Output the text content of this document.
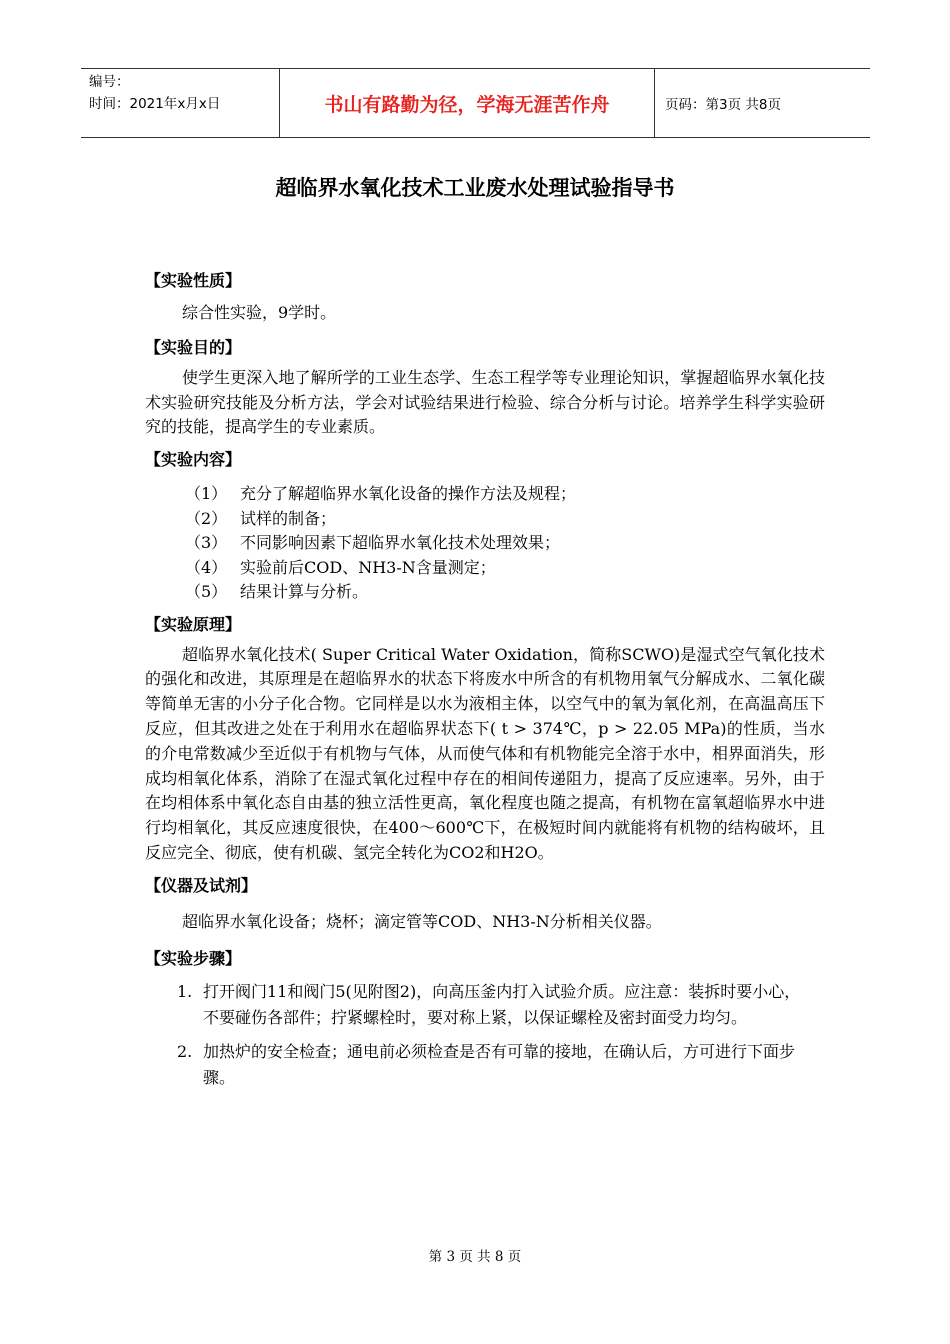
编号：
时间：2021年x月x日	书山有路勤为径，学海无涯苦作舟	页码：第3页 共8页
超临界水氧化技术工业废水处理试验指导书

【实验性质】

综合性实验，9学时。

【实验目的】

使学生更深入地了解所学的工业生态学、生态工程学等专业理论知识，掌握超临界水氧化技术实验研究技能及分析方法，学会对试验结果进行检验、综合分析与讨论。培养学生科学实验研究的技能，提高学生的专业素质。

【实验内容】

（1） 充分了解超临界水氧化设备的操作方法及规程；
（2） 试样的制备；
（3） 不同影响因素下超临界水氧化技术处理效果；
（4） 实验前后COD、NH3-N含量测定；
（5） 结果计算与分析。

【实验原理】

超临界水氧化技术( Super Critical Water Oxidation，简称SCWO)是湿式空气氧化技术的强化和改进，其原理是在超临界水的状态下将废水中所含的有机物用氧气分解成水、二氧化碳等简单无害的小分子化合物。它同样是以水为液相主体，以空气中的氧为氧化剂，在高温高压下反应，但其改进之处在于利用水在超临界状态下( t > 374℃，p > 22.05 MPa)的性质，当水的介电常数减少至近似于有机物与气体，从而使气体和有机物能完全溶于水中，相界面消失，形成均相氧化体系，消除了在湿式氧化过程中存在的相间传递阻力，提高了反应速率。另外，由于在均相体系中氧化态自由基的独立活性更高，氧化程度也随之提高，有机物在富氧超临界水中进行均相氧化，其反应速度很快，在400～600℃下，在极短时间内就能将有机物的结构破坏，且反应完全、彻底，使有机碳、氢完全转化为CO2和H2O。

【仪器及试剂】

超临界水氧化设备；烧杯；滴定管等COD、NH3-N分析相关仪器。

【实验步骤】

1. 打开阀门11和阀门5(见附图2)，向高压釜内打入试验介质。应注意：装拆时要小心，不要碰伤各部件；拧紧螺栓时，要对称上紧，以保证螺栓及密封面受力均匀。
2. 加热炉的安全检查；通电前必须检查是否有可靠的接地，在确认后，方可进行下面步骤。
第 3 页 共 8 页
